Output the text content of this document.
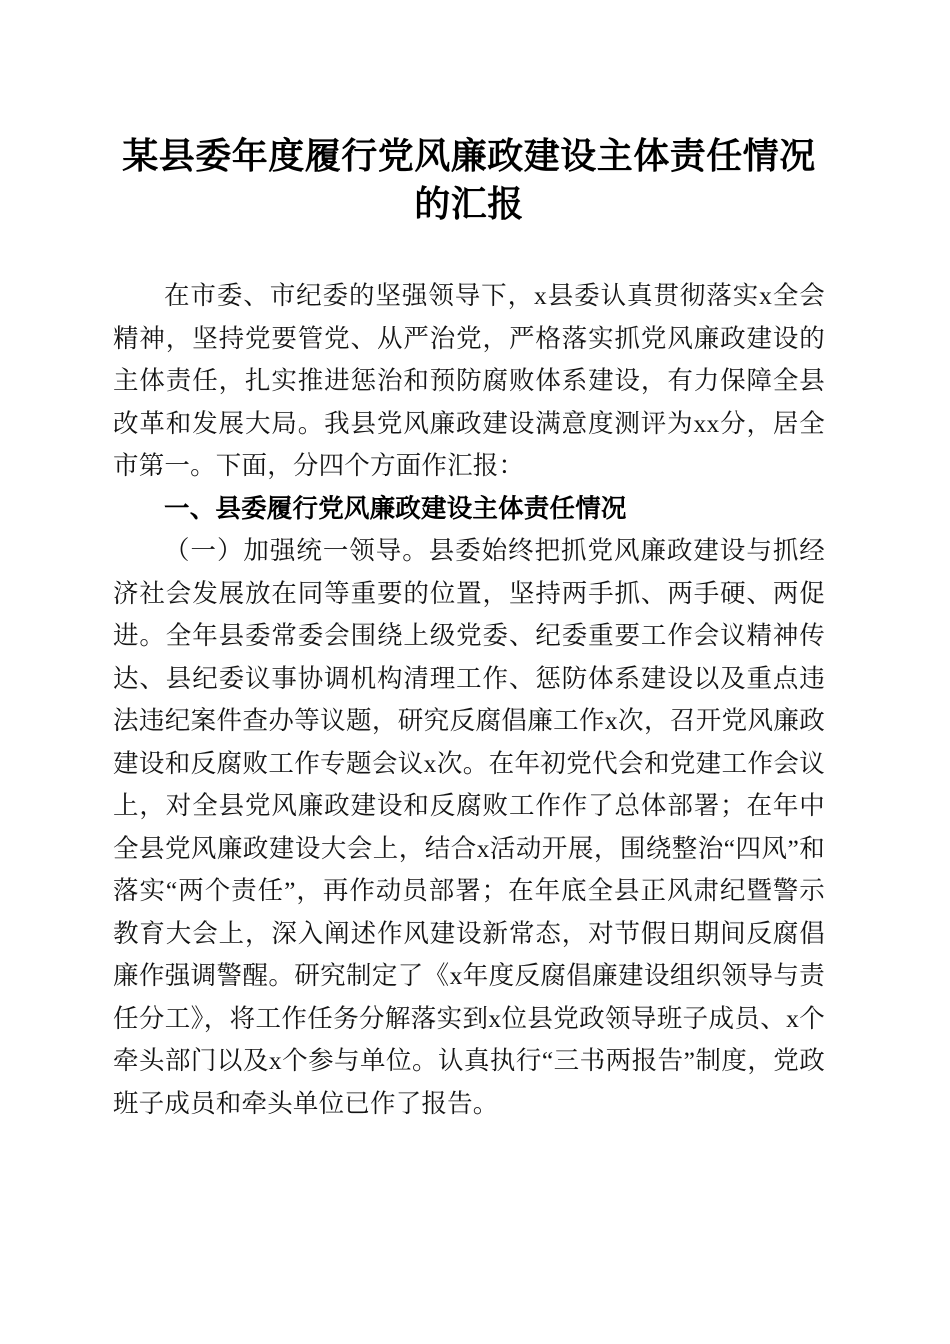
某县委年度履行党风廉政建设主体责任情况的汇报

在市委、市纪委的坚强领导下，x县委认真贯彻落实x全会精神，坚持党要管党、从严治党，严格落实抓党风廉政建设的主体责任，扎实推进惩治和预防腐败体系建设，有力保障全县改革和发展大局。我县党风廉政建设满意度测评为xx分，居全市第一。下面，分四个方面作汇报：

一、县委履行党风廉政建设主体责任情况

（一）加强统一领导。县委始终把抓党风廉政建设与抓经济社会发展放在同等重要的位置，坚持两手抓、两手硬、两促进。全年县委常委会围绕上级党委、纪委重要工作会议精神传达、县纪委议事协调机构清理工作、惩防体系建设以及重点违法违纪案件查办等议题，研究反腐倡廉工作x次，召开党风廉政建设和反腐败工作专题会议x次。在年初党代会和党建工作会议上，对全县党风廉政建设和反腐败工作作了总体部署；在年中全县党风廉政建设大会上，结合x活动开展，围绕整治“四风”和落实“两个责任”，再作动员部署；在年底全县正风肃纪暨警示教育大会上，深入阐述作风建设新常态，对节假日期间反腐倡廉作强调警醒。研究制定了《x年度反腐倡廉建设组织领导与责任分工》，将工作任务分解落实到x位县党政领导班子成员、x个牵头部门以及x个参与单位。认真执行“三书两报告”制度，党政班子成员和牵头单位已作了报告。
